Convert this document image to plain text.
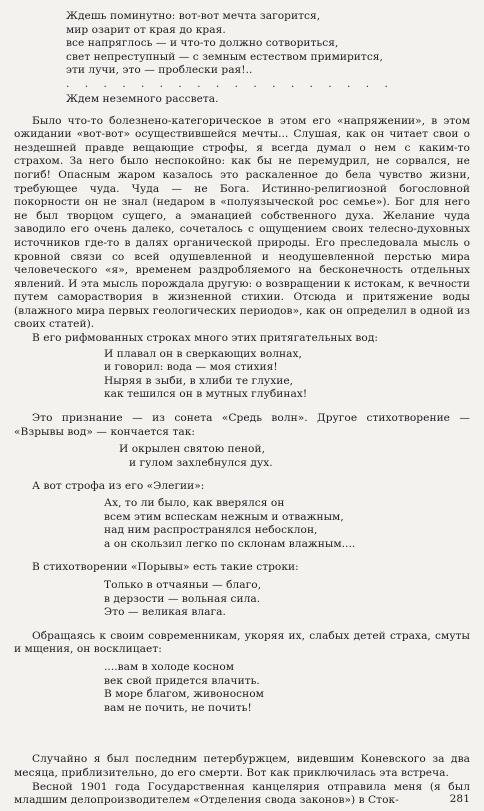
Ждешь поминутно: вот-вот мечта загорится,
мир озарит от края до края.
все напряглось — и что-то должно сотвориться,
свет непреступный — с земным естеством примирится,
эти лучи, это — проблески рая!..
. . . . . . . . . . . . . . . . . .
Ждем неземного рассвета.

Было что-то болезнено-категорическое в этом его «напряжении», в этом ожидании «вот-вот» осуществившейся мечты... Слушая, как он читает свои о нездешней правде вещающие строфы, я всегда думал о нем с каким-то страхом. За него было неспокойно: как бы не перемудрил, не сорвался, не погиб! Опасным жаром казалось это раскаленное до бела чувство жизни, требующее чуда. Чуда — не Бога. Истинно-религиозной богословной покорности он не знал (недаром в «полуязыческой рос семье»). Бог для него не был творцом сущего, а эманацией собственного духа. Желание чуда заводило его очень далеко, сочеталось с ощущением своих телесно-духовных источников где-то в далях органической природы. Его преследовала мысль о кровной связи со всей одушевленной и неодушевленной перстью мира человеческого «я», временем раздробляемого на бесконечность отдельных явлений. И эта мысль порождала другую: о возвращении к истокам, к вечности путем самораствория в жизненной стихии. Отсюда и притяжение воды (влажного мира первых геологических периодов», как он определил в одной из своих статей).

В его рифмованных строках много этих притягательных вод:

И плавал он в сверкающих волнах,
и говорил: вода — моя стихия!
Ныряя в зыби, в хлиби те глухие,
как тешился он в мутных глубинах!

Это признание — из сонета «Средь волн». Другое стихотворение — «Взрывы вод» — кончается так:

И окрылен святою пеной,
и гулом захлебнулся дух.

А вот строфа из его «Элегии»:

Ах, то ли было, как вверялся он
всем этим вспескам нежным и отважным,
над ним распространялся небосклон,
а он скользил легко по склонам влажным....

В стихотворении «Порывы» есть такие строки:

Только в отчаяньи — благо,
в дерзости — вольная сила.
Это — великая влага.

Обращаясь к своим современникам, укоряя их, слабых детей страха, смуты и мщения, он восклицает:

....вам в холоде косном
век свой придется влачить.
В море благом, живоносном
вам не почить, не почить!

Случайно я был последним петербуржцем, видевшим Коневского за два месяца, приблизительно, до его смерти. Вот как приключилась эта встреча.

Весной 1901 года Государственная канцелярия отправила меня (я был младшим делопроизводителем «Отделения свода законов») в Сток-	281
